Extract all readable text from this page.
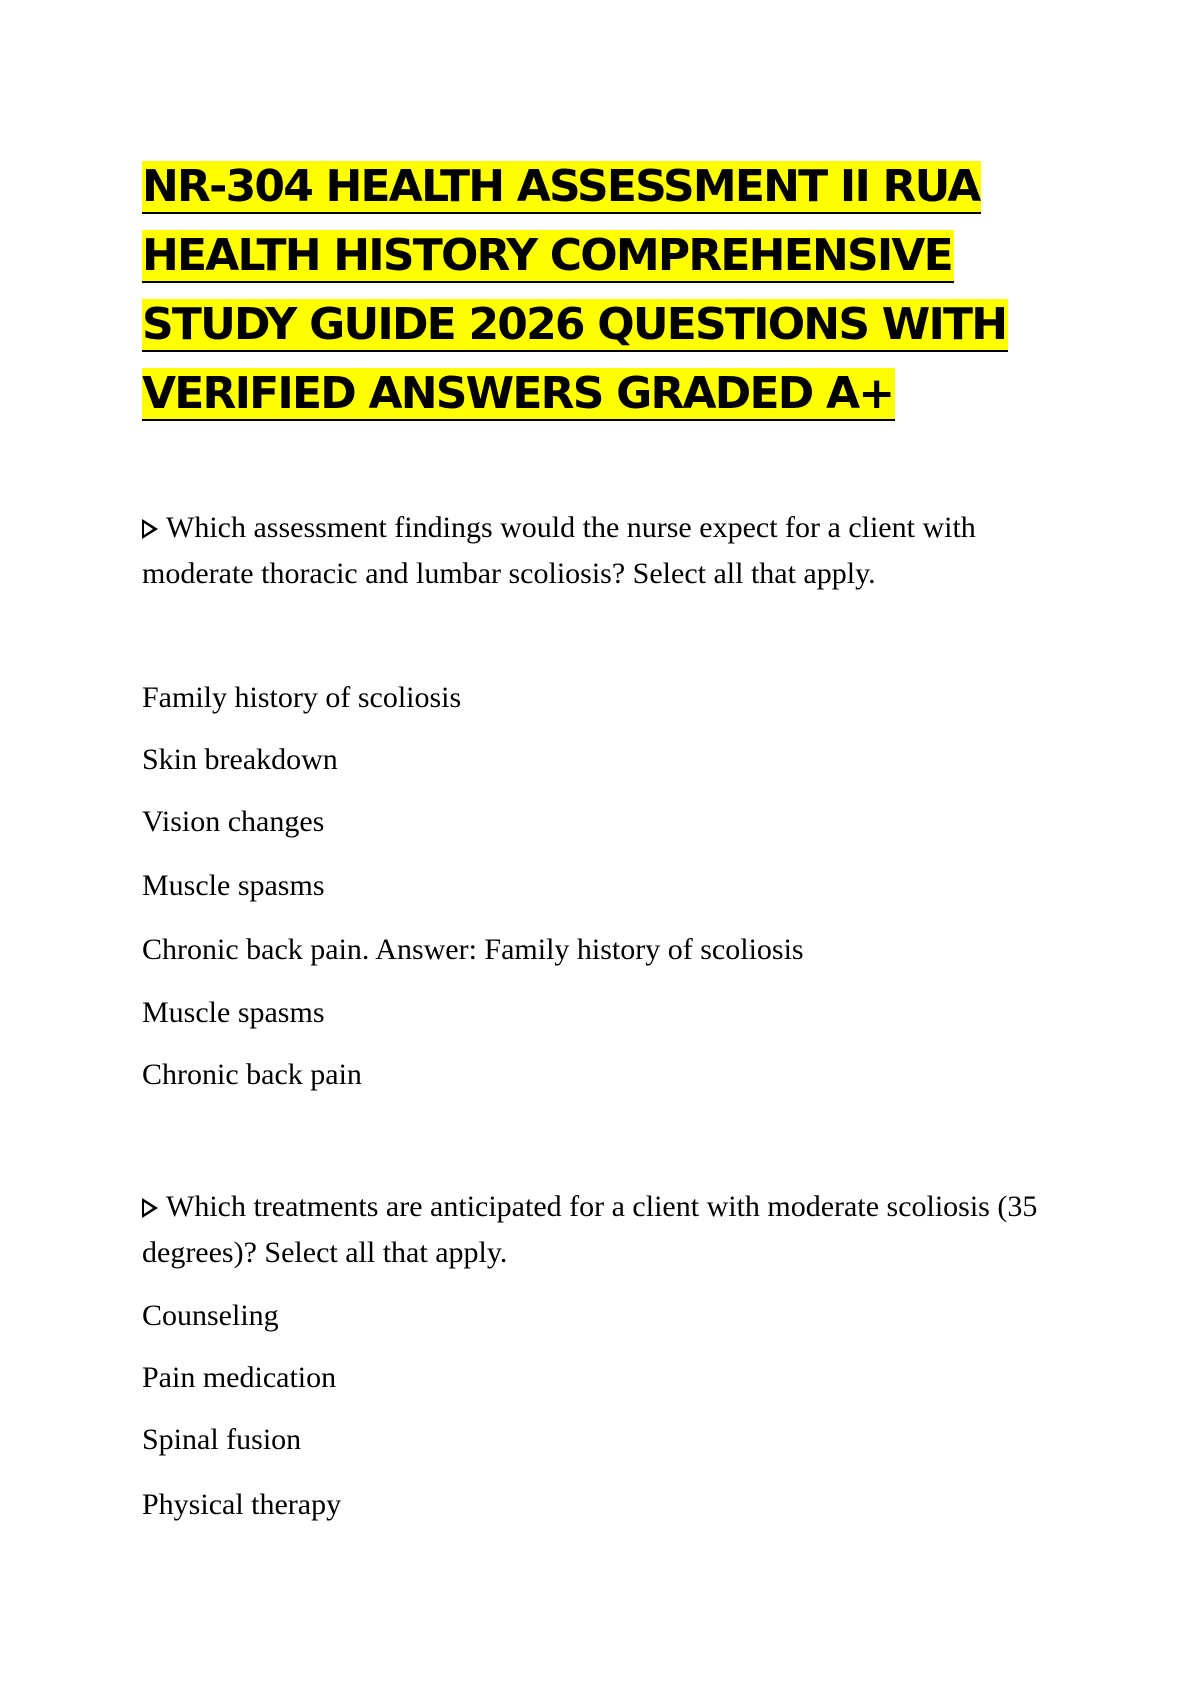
NR-304 HEALTH ASSESSMENT II RUA
HEALTH HISTORY COMPREHENSIVE
STUDY GUIDE 2026 QUESTIONS WITH
VERIFIED ANSWERS GRADED A+

Which assessment findings would the nurse expect for a client with moderate thoracic and lumbar scoliosis? Select all that apply.

Family history of scoliosis

Skin breakdown

Vision changes

Muscle spasms

Chronic back pain. Answer: Family history of scoliosis

Muscle spasms

Chronic back pain

Which treatments are anticipated for a client with moderate scoliosis (35 degrees)? Select all that apply.

Counseling

Pain medication

Spinal fusion

Physical therapy
